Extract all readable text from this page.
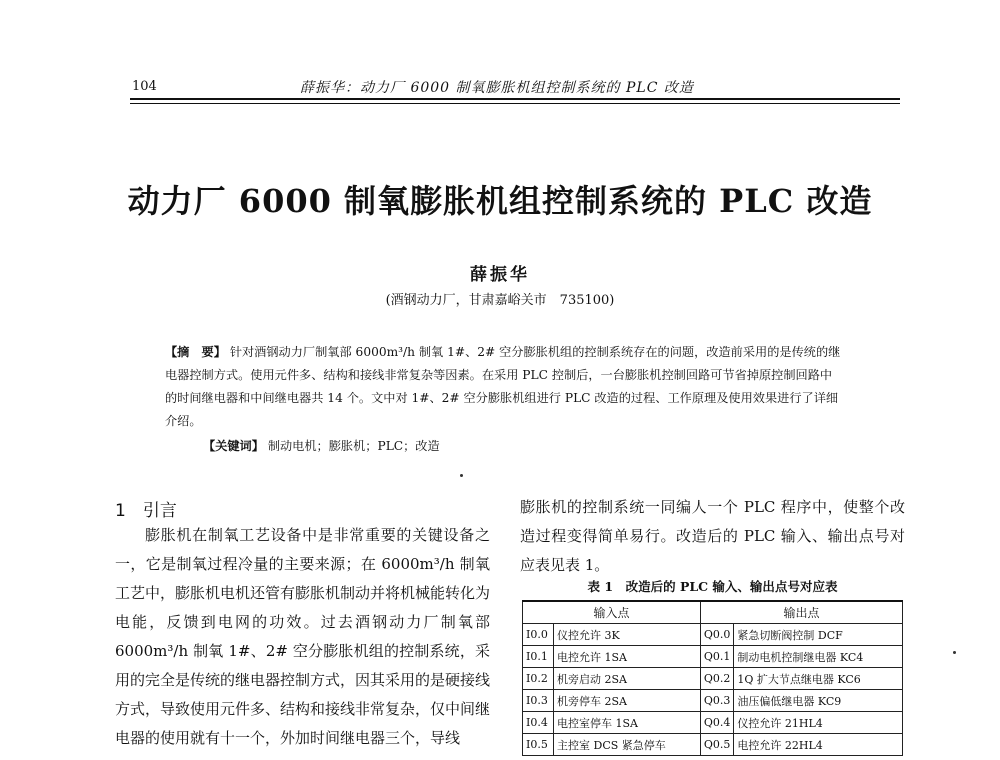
104	薛振华：动力厂 6000 制氧膨胀机组控制系统的 PLC 改造
动力厂 6000 制氧膨胀机组控制系统的 PLC 改造
薛振华
(酒钢动力厂，甘肃嘉峪关市　735100)
【摘　要】 针对酒钢动力厂制氧部 6000m³/h 制氧 1#、2# 空分膨胀机组的控制系统存在的问题，改造前采用的是传统的继电器控制方式。使用元件多、结构和接线非常复杂等因素。在采用 PLC 控制后，一台膨胀机控制回路可节省掉原控制回路中的时间继电器和中间继电器共 14 个。文中对 1#、2# 空分膨胀机组进行 PLC 改造的过程、工作原理及使用效果进行了详细介绍。
【关键词】 制动电机；膨胀机；PLC；改造
1　引言
膨胀机在制氧工艺设备中是非常重要的关键设备之一，它是制氧过程冷量的主要来源；在 6000m³/h 制氧工艺中，膨胀机电机还管有膨胀机制动并将机械能转化为电能，反馈到电网的功效。过去酒钢动力厂制氧部 6000m³/h 制氧 1#、2# 空分膨胀机组的控制系统，采用的完全是传统的继电器控制方式，因其采用的是硬接线方式，导致使用元件多、结构和接线非常复杂，仅中间继电器的使用就有十一个，外加时间继电器三个，导线
膨胀机的控制系统一同编人一个 PLC 程序中，使整个改造过程变得简单易行。改造后的 PLC 输入、输出点号对应表见表 1。
表 1　改造后的 PLC 输入、输出点号对应表
输入点		输出点	
I0.0	仪控允许 3K	Q0.0	紧急切断阀控制 DCF
I0.1	电控允许 1SA	Q0.1	制动电机控制继电器 KC4
I0.2	机旁启动 2SA	Q0.2	1Q 扩大节点继电器 KC6
I0.3	机旁停车 2SA	Q0.3	油压偏低继电器 KC9
I0.4	电控室停车 1SA	Q0.4	仪控允许 21HL4
I0.5	主控室 DCS 紧急停车	Q0.5	电控允许 22HL4
